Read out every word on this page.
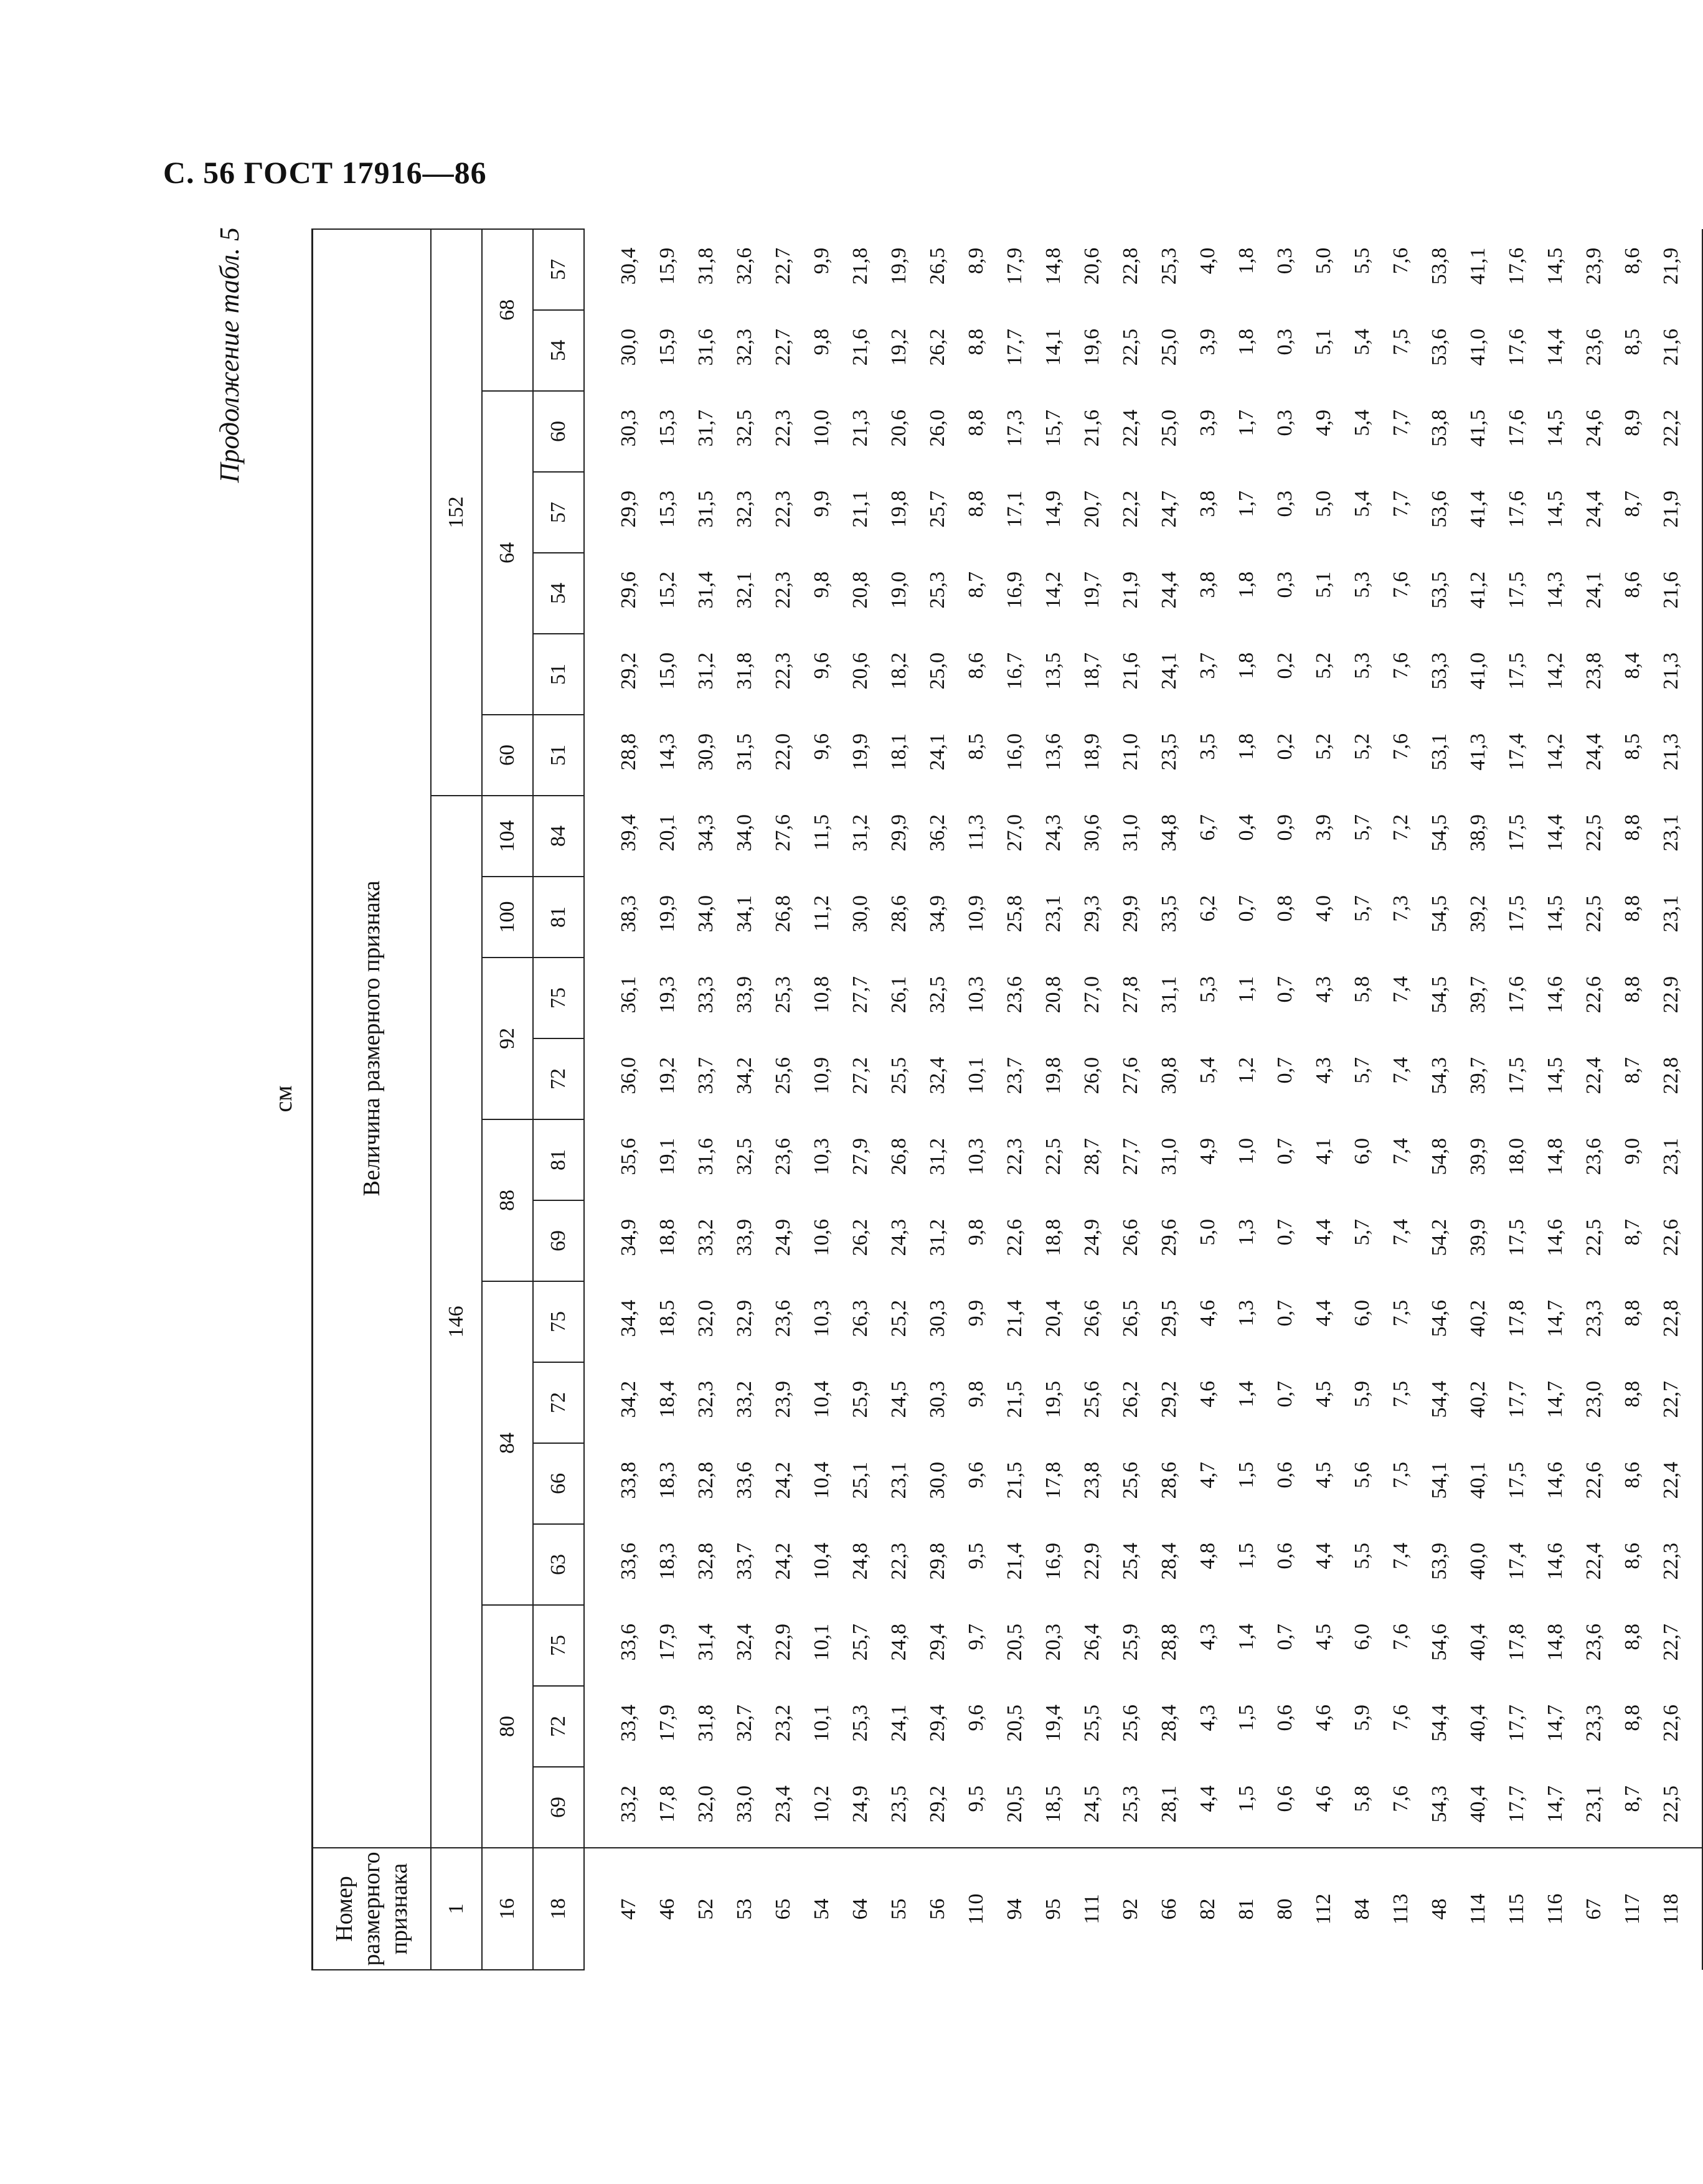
С. 56 ГОСТ 17916—86
Продолжение табл. 5
см
Номер размерного признака	Величина размерного признака																			
1	146													152						
16	80			84				88		92		100	104	60	64				68	
18	69	72	75	63	66	72	75	69	81	72	75	81	84	51	51	54	57	60	54	57
47	33,2	33,4	33,6	33,6	33,8	34,2	34,4	34,9	35,6	36,0	36,1	38,3	39,4	28,8	29,2	29,6	29,9	30,3	30,0	30,4
46	17,8	17,9	17,9	18,3	18,3	18,4	18,5	18,8	19,1	19,2	19,3	19,9	20,1	14,3	15,0	15,2	15,3	15,3	15,9	15,9
52	32,0	31,8	31,4	32,8	32,8	32,3	32,0	33,2	31,6	33,7	33,3	34,0	34,3	30,9	31,2	31,4	31,5	31,7	31,6	31,8
53	33,0	32,7	32,4	33,7	33,6	33,2	32,9	33,9	32,5	34,2	33,9	34,1	34,0	31,5	31,8	32,1	32,3	32,5	32,3	32,6
65	23,4	23,2	22,9	24,2	24,2	23,9	23,6	24,9	23,6	25,6	25,3	26,8	27,6	22,0	22,3	22,3	22,3	22,3	22,7	22,7
54	10,2	10,1	10,1	10,4	10,4	10,4	10,3	10,6	10,3	10,9	10,8	11,2	11,5	9,6	9,6	9,8	9,9	10,0	9,8	9,9
64	24,9	25,3	25,7	24,8	25,1	25,9	26,3	26,2	27,9	27,2	27,7	30,0	31,2	19,9	20,6	20,8	21,1	21,3	21,6	21,8
55	23,5	24,1	24,8	22,3	23,1	24,5	25,2	24,3	26,8	25,5	26,1	28,6	29,9	18,1	18,2	19,0	19,8	20,6	19,2	19,9
56	29,2	29,4	29,4	29,8	30,0	30,3	30,3	31,2	31,2	32,4	32,5	34,9	36,2	24,1	25,0	25,3	25,7	26,0	26,2	26,5
110	9,5	9,6	9,7	9,5	9,6	9,8	9,9	9,8	10,3	10,1	10,3	10,9	11,3	8,5	8,6	8,7	8,8	8,8	8,8	8,9
94	20,5	20,5	20,5	21,4	21,5	21,5	21,4	22,6	22,3	23,7	23,6	25,8	27,0	16,0	16,7	16,9	17,1	17,3	17,7	17,9
95	18,5	19,4	20,3	16,9	17,8	19,5	20,4	18,8	22,5	19,8	20,8	23,1	24,3	13,6	13,5	14,2	14,9	15,7	14,1	14,8
111	24,5	25,5	26,4	22,9	23,8	25,6	26,6	24,9	28,7	26,0	27,0	29,3	30,6	18,9	18,7	19,7	20,7	21,6	19,6	20,6
92	25,3	25,6	25,9	25,4	25,6	26,2	26,5	26,6	27,7	27,6	27,8	29,9	31,0	21,0	21,6	21,9	22,2	22,4	22,5	22,8
66	28,1	28,4	28,8	28,4	28,6	29,2	29,5	29,6	31,0	30,8	31,1	33,5	34,8	23,5	24,1	24,4	24,7	25,0	25,0	25,3
82	4,4	4,3	4,3	4,8	4,7	4,6	4,6	5,0	4,9	5,4	5,3	6,2	6,7	3,5	3,7	3,8	3,8	3,9	3,9	4,0
81	1,5	1,5	1,4	1,5	1,5	1,4	1,3	1,3	1,0	1,2	1,1	0,7	0,4	1,8	1,8	1,8	1,7	1,7	1,8	1,8
80	0,6	0,6	0,7	0,6	0,6	0,7	0,7	0,7	0,7	0,7	0,7	0,8	0,9	0,2	0,2	0,3	0,3	0,3	0,3	0,3
112	4,6	4,6	4,5	4,4	4,5	4,5	4,4	4,4	4,1	4,3	4,3	4,0	3,9	5,2	5,2	5,1	5,0	4,9	5,1	5,0
84	5,8	5,9	6,0	5,5	5,6	5,9	6,0	5,7	6,0	5,7	5,8	5,7	5,7	5,2	5,3	5,3	5,4	5,4	5,4	5,5
113	7,6	7,6	7,6	7,4	7,5	7,5	7,5	7,4	7,4	7,4	7,4	7,3	7,2	7,6	7,6	7,6	7,7	7,7	7,5	7,6
48	54,3	54,4	54,6	53,9	54,1	54,4	54,6	54,2	54,8	54,3	54,5	54,5	54,5	53,1	53,3	53,5	53,6	53,8	53,6	53,8
114	40,4	40,4	40,4	40,0	40,1	40,2	40,2	39,9	39,9	39,7	39,7	39,2	38,9	41,3	41,0	41,2	41,4	41,5	41,0	41,1
115	17,7	17,7	17,8	17,4	17,5	17,7	17,8	17,5	18,0	17,5	17,6	17,5	17,5	17,4	17,5	17,5	17,6	17,6	17,6	17,6
116	14,7	14,7	14,8	14,6	14,6	14,7	14,7	14,6	14,8	14,5	14,6	14,5	14,4	14,2	14,2	14,3	14,5	14,5	14,4	14,5
67	23,1	23,3	23,6	22,4	22,6	23,0	23,3	22,5	23,6	22,4	22,6	22,5	22,5	24,4	23,8	24,1	24,4	24,6	23,6	23,9
117	8,7	8,8	8,8	8,6	8,6	8,8	8,8	8,7	9,0	8,7	8,8	8,8	8,8	8,5	8,4	8,6	8,7	8,9	8,5	8,6
118	22,5	22,6	22,7	22,3	22,4	22,7	22,8	22,6	23,1	22,8	22,9	23,1	23,1	21,3	21,3	21,6	21,9	22,2	21,6	21,9
